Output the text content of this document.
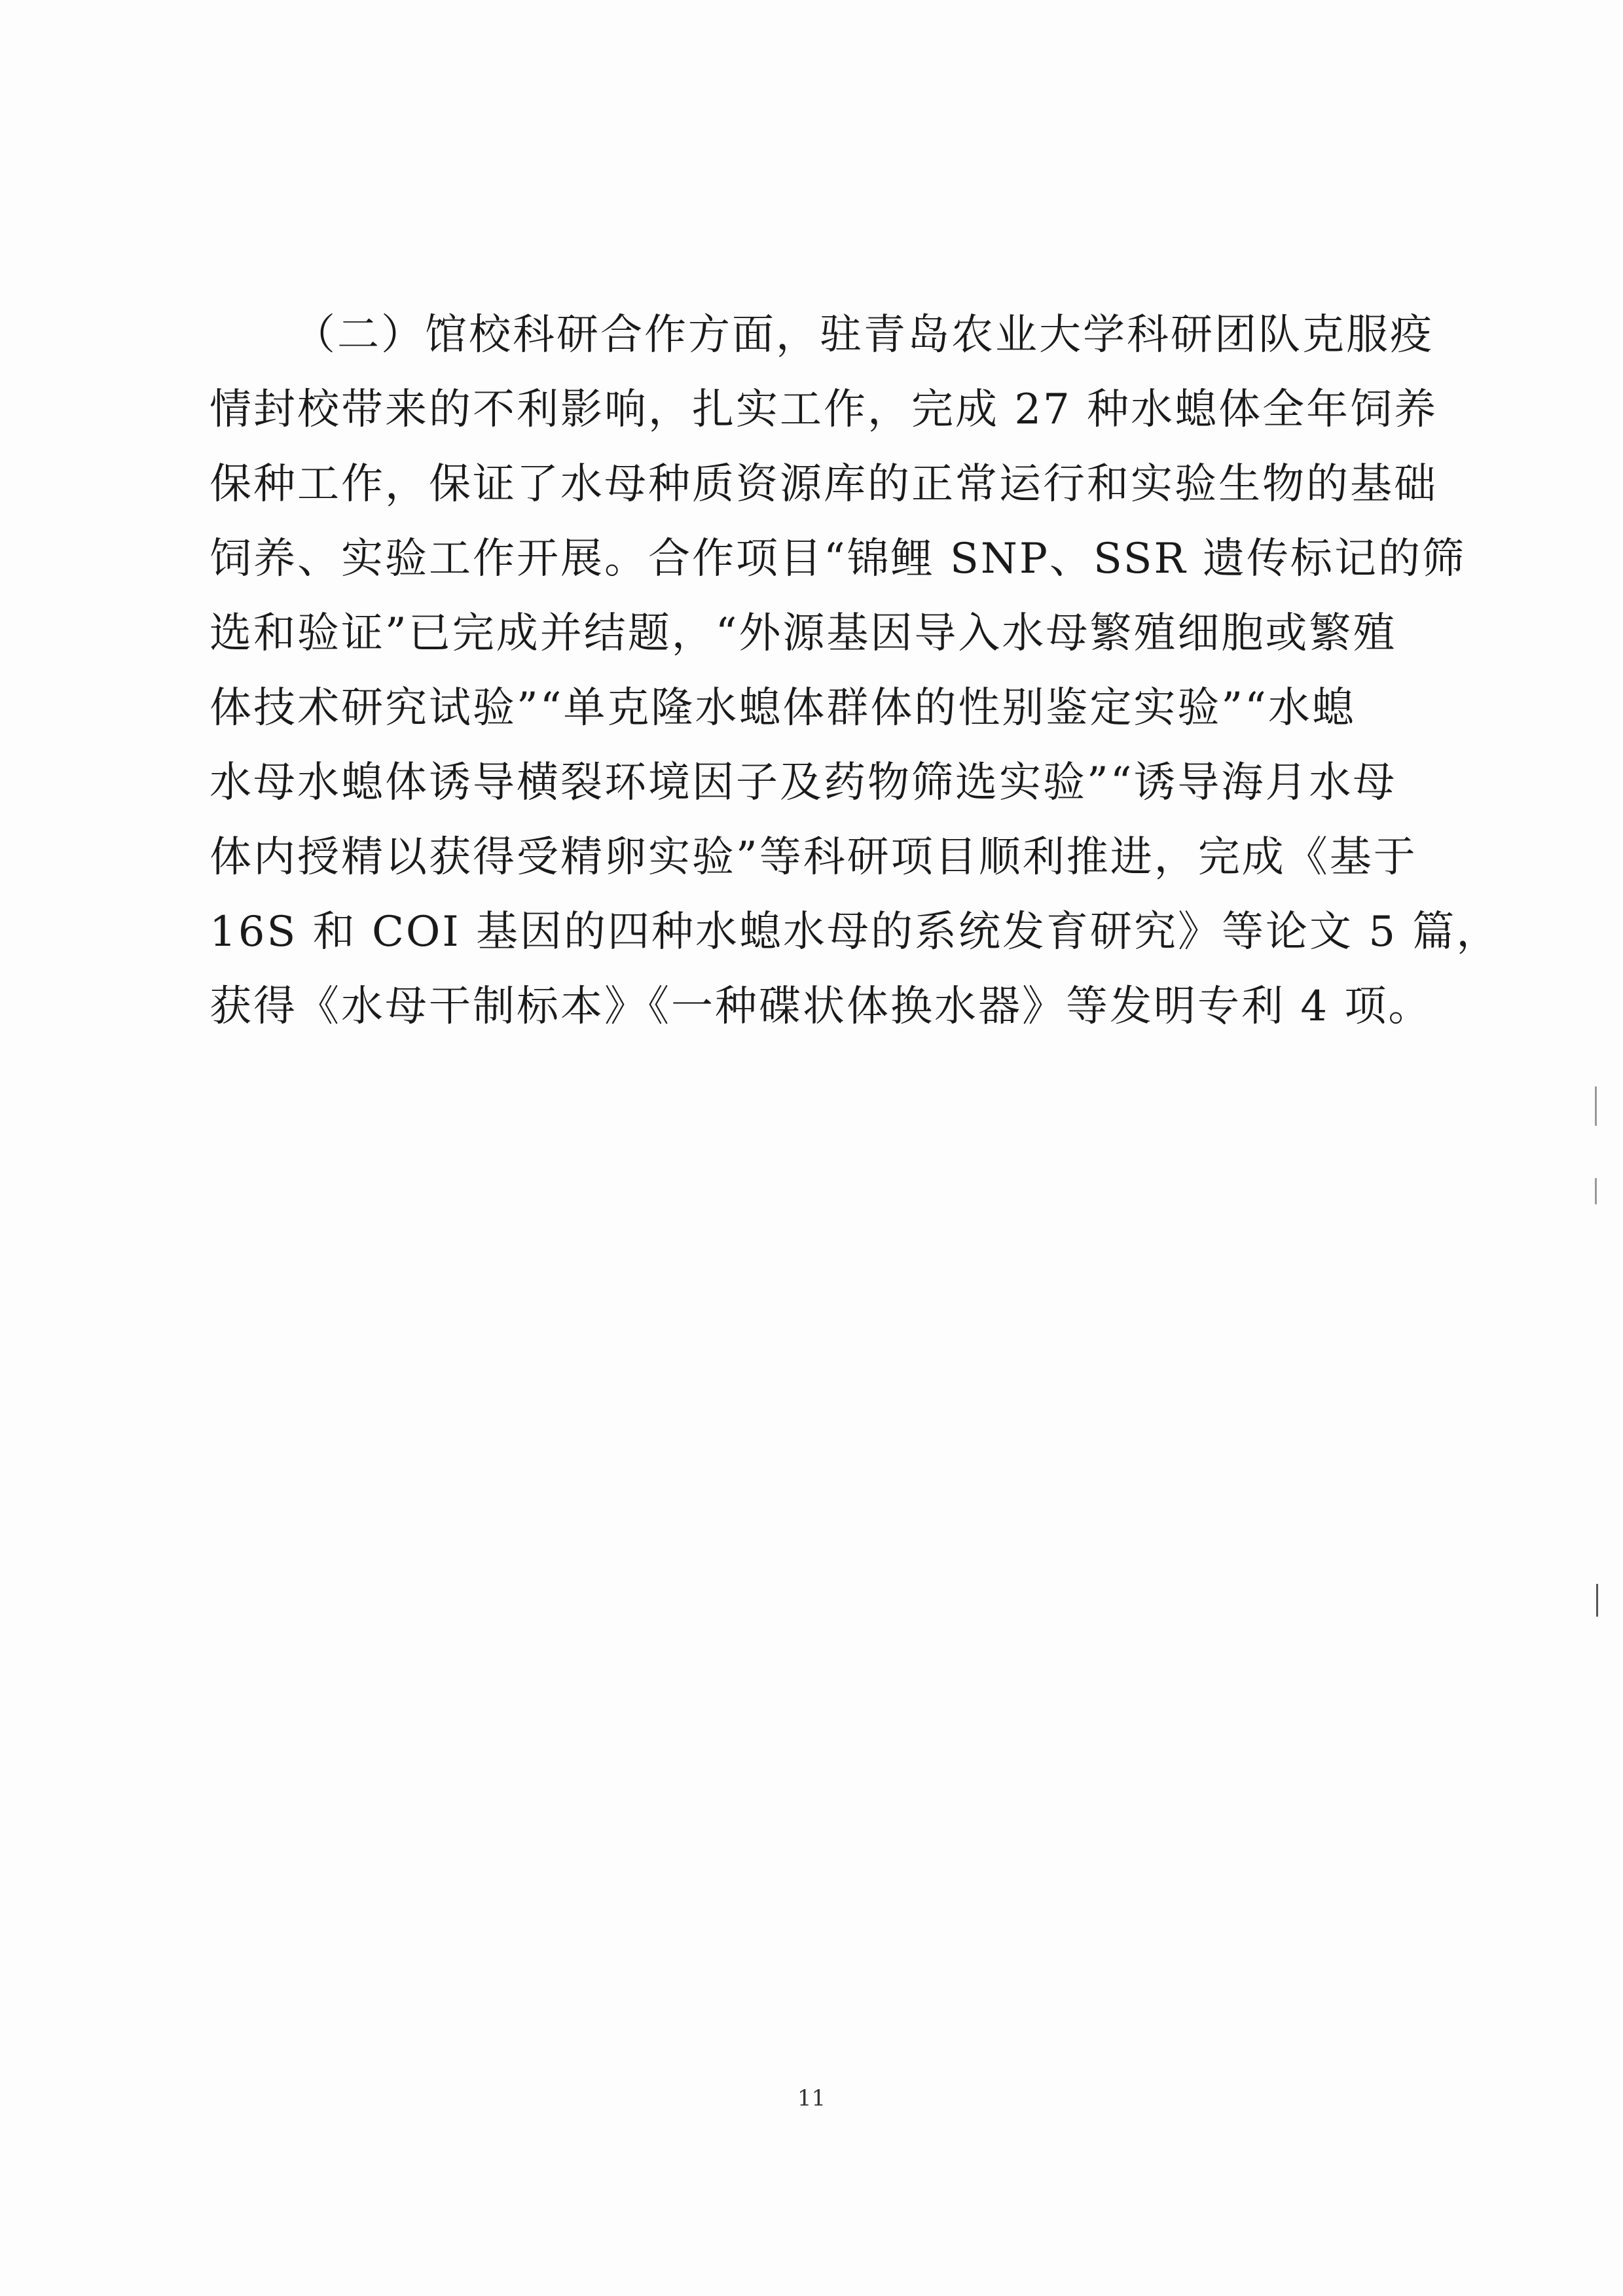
（二）馆校科研合作方面，驻青岛农业大学科研团队克服疫
情封校带来的不利影响，扎实工作，完成 27 种水螅体全年饲养
保种工作，保证了水母种质资源库的正常运行和实验生物的基础
饲养、实验工作开展。合作项目“锦鲤 SNP、SSR 遗传标记的筛
选和验证”已完成并结题，“外源基因导入水母繁殖细胞或繁殖
体技术研究试验”“单克隆水螅体群体的性别鉴定实验”“水螅
水母水螅体诱导横裂环境因子及药物筛选实验”“诱导海月水母
体内授精以获得受精卵实验”等科研项目顺利推进，完成《基于
16S 和 COI 基因的四种水螅水母的系统发育研究》等论文 5 篇，
获得《水母干制标本》《一种碟状体换水器》等发明专利 4 项。
11
